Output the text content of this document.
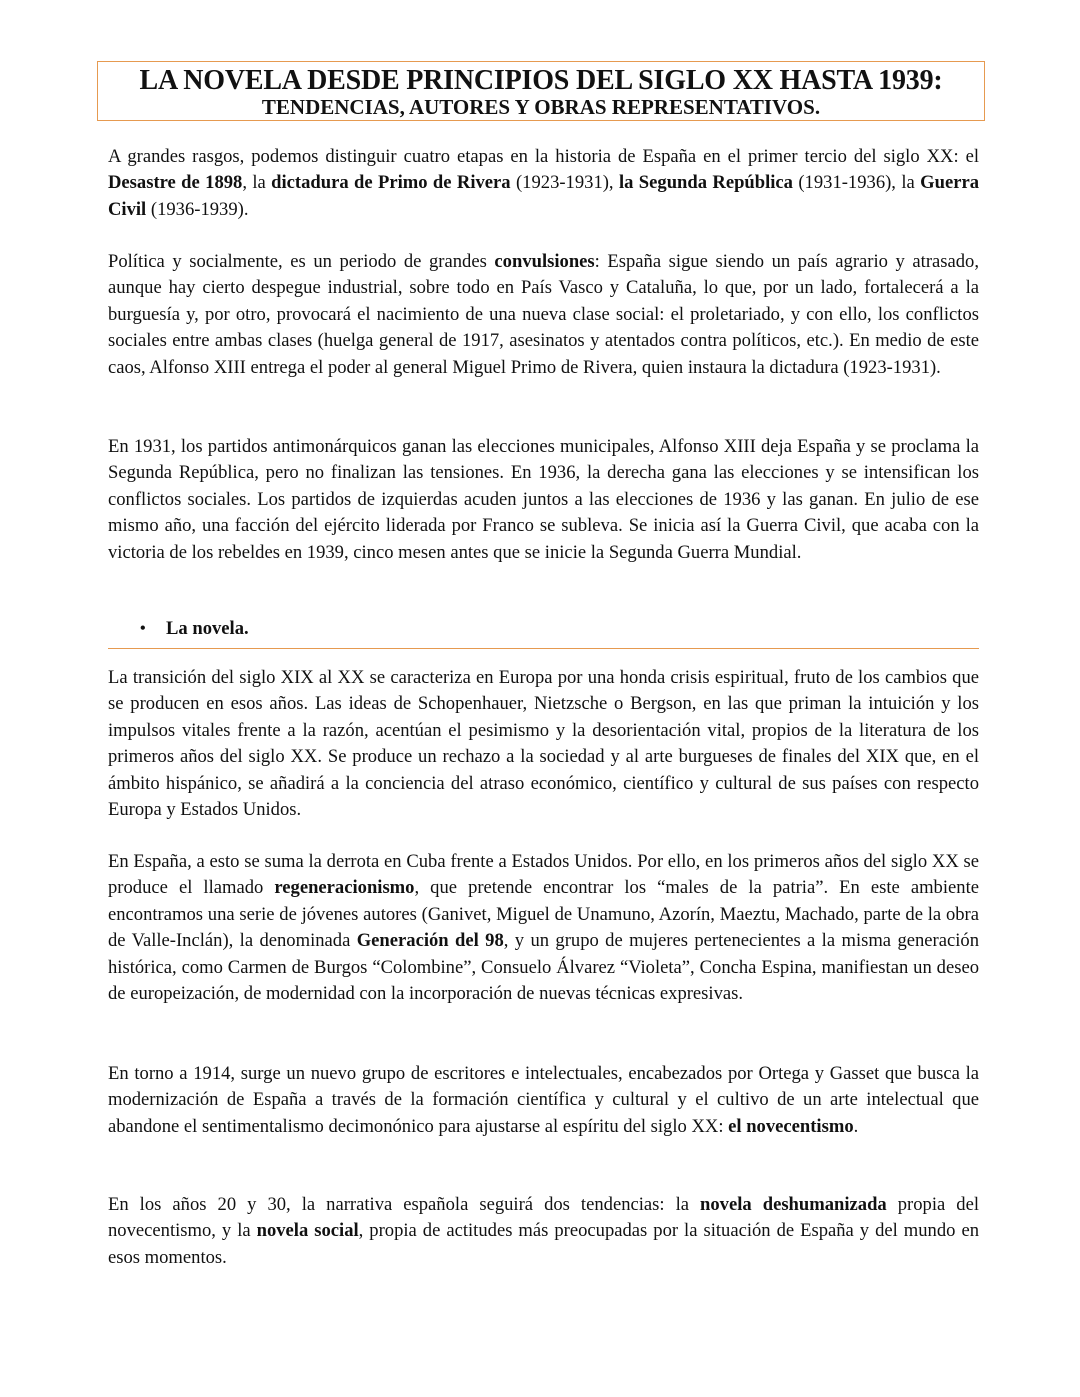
LA NOVELA DESDE PRINCIPIOS DEL SIGLO XX HASTA 1939:
TENDENCIAS, AUTORES Y OBRAS REPRESENTATIVOS.

A grandes rasgos, podemos distinguir cuatro etapas en la historia de España en el primer tercio del siglo XX: el Desastre de 1898, la dictadura de Primo de Rivera (1923-1931), la Segunda República (1931-1936), la Guerra Civil (1936-1939).

Política y socialmente, es un periodo de grandes convulsiones: España sigue siendo un país agrario y atrasado, aunque hay cierto despegue industrial, sobre todo en País Vasco y Cataluña, lo que, por un lado, fortalecerá a la burguesía y, por otro, provocará el nacimiento de una nueva clase social: el proletariado, y con ello, los conflictos sociales entre ambas clases (huelga general de 1917, asesinatos y atentados contra políticos, etc.). En medio de este caos, Alfonso XIII entrega el poder al general Miguel Primo de Rivera, quien instaura la dictadura (1923-1931).

En 1931, los partidos antimonárquicos ganan las elecciones municipales, Alfonso XIII deja España y se proclama la Segunda República, pero no finalizan las tensiones. En 1936, la derecha gana las elecciones y se intensifican los conflictos sociales. Los partidos de izquierdas acuden juntos a las elecciones de 1936 y las ganan. En julio de ese mismo año, una facción del ejército liderada por Franco se subleva. Se inicia así la Guerra Civil, que acaba con la victoria de los rebeldes en 1939, cinco mesen antes que se inicie la Segunda Guerra Mundial.

• La novela.

La transición del siglo XIX al XX se caracteriza en Europa por una honda crisis espiritual, fruto de los cambios que se producen en esos años. Las ideas de Schopenhauer, Nietzsche o Bergson, en las que priman la intuición y los impulsos vitales frente a la razón, acentúan el pesimismo y la desorientación vital, propios de la literatura de los primeros años del siglo XX. Se produce un rechazo a la sociedad y al arte burgueses de finales del XIX que, en el ámbito hispánico, se añadirá a la conciencia del atraso económico, científico y cultural de sus países con respecto Europa y Estados Unidos.

En España, a esto se suma la derrota en Cuba frente a Estados Unidos. Por ello, en los primeros años del siglo XX se produce el llamado regeneracionismo, que pretende encontrar los “males de la patria”. En este ambiente encontramos una serie de jóvenes autores (Ganivet, Miguel de Unamuno, Azorín, Maeztu, Machado, parte de la obra de Valle-Inclán), la denominada Generación del 98, y un grupo de mujeres pertenecientes a la misma generación histórica, como Carmen de Burgos “Colombine”, Consuelo Álvarez “Violeta”, Concha Espina, manifiestan un deseo de europeización, de modernidad con la incorporación de nuevas técnicas expresivas.

En torno a 1914, surge un nuevo grupo de escritores e intelectuales, encabezados por Ortega y Gasset que busca la modernización de España a través de la formación científica y cultural y el cultivo de un arte intelectual que abandone el sentimentalismo decimonónico para ajustarse al espíritu del siglo XX: el novecentismo.

En los años 20 y 30, la narrativa española seguirá dos tendencias: la novela deshumanizada propia del novecentismo, y la novela social, propia de actitudes más preocupadas por la situación de España y del mundo en esos momentos.
